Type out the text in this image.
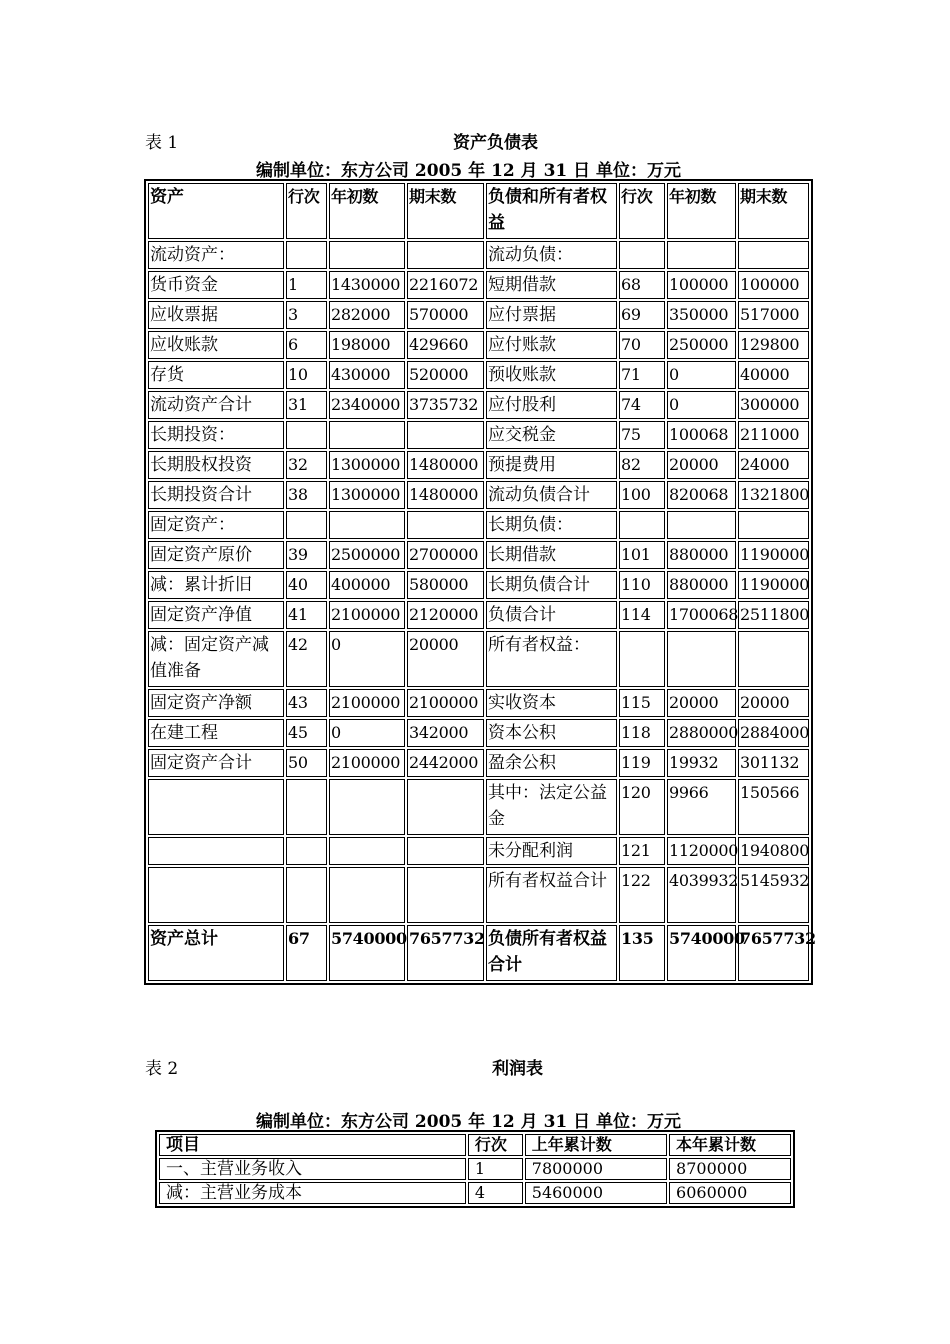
表 1	资产负债表
编制单位：东方公司 2005 年 12 月 31 日 单位：万元
资产	行次	年初数	期末数	负债和所有者权益	行次	年初数	期末数
流动资产：				流动负债：			
货币资金	1	1430000	2216072	短期借款	68	100000	100000
应收票据	3	282000	570000	应付票据	69	350000	517000
应收账款	6	198000	429660	应付账款	70	250000	129800
存货	10	430000	520000	预收账款	71	0	40000
流动资产合计	31	2340000	3735732	应付股利	74	0	300000
长期投资：				应交税金	75	100068	211000
长期股权投资	32	1300000	1480000	预提费用	82	20000	24000
长期投资合计	38	1300000	1480000	流动负债合计	100	820068	1321800
固定资产：				长期负债：			
固定资产原价	39	2500000	2700000	长期借款	101	880000	1190000
减：累计折旧	40	400000	580000	长期负债合计	110	880000	1190000
固定资产净值	41	2100000	2120000	负债合计	114	1700068	2511800
减：固定资产减值准备	42	0	20000	所有者权益：			
固定资产净额	43	2100000	2100000	实收资本	115	20000	20000
在建工程	45	0	342000	资本公积	118	2880000	2884000
固定资产合计	50	2100000	2442000	盈余公积	119	19932	301132
				其中：法定公益金	120	9966	150566
				未分配利润	121	1120000	1940800
				所有者权益合计	122	4039932	5145932
资产总计	67	5740000	7657732	负债所有者权益合计	135	5740000	7657732
表 2	利润表
编制单位：东方公司 2005 年 12 月 31 日 单位：万元
项目	行次	上年累计数	本年累计数
一、主营业务收入	1	7800000	8700000
减：主营业务成本	4	5460000	6060000
